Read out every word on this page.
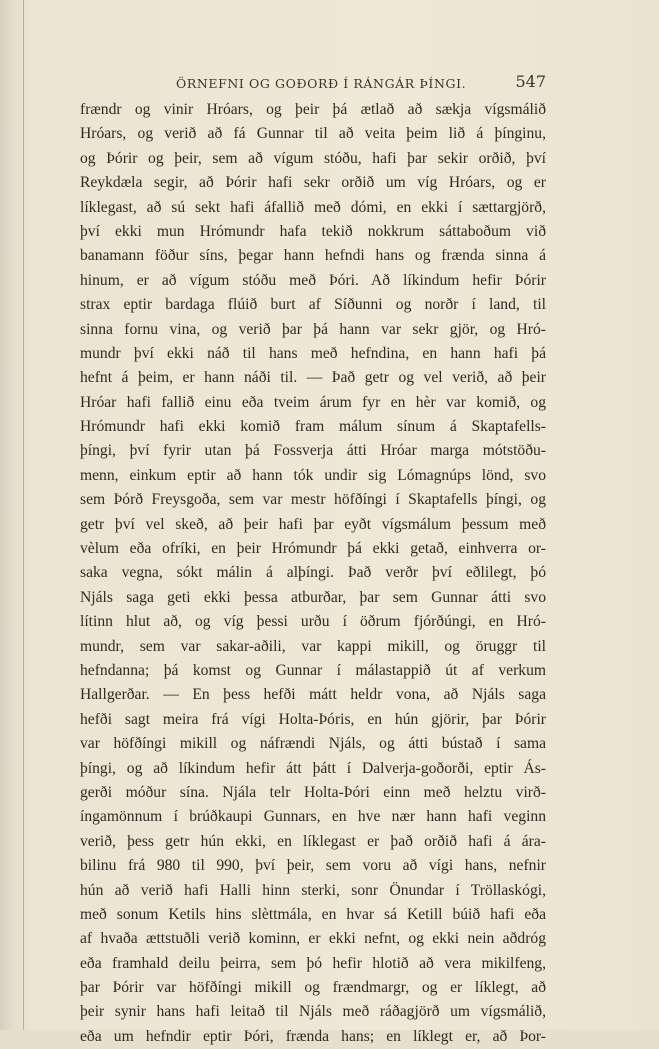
ÖRNEFNI OG GOÐORÐ Í RÁNGÁR ÞÍNGI.	547
frændr og vinir Hróars, og þeir þá ætlað að sækja vígsmálið
Hróars, og verið að fá Gunnar til að veita þeim lið á þínginu,
og Þórir og þeir, sem að vígum stóðu, hafi þar sekir orðið, því
Reykdæla segir, að Þórir hafi sekr orðið um víg Hróars, og er
líklegast, að sú sekt hafi áfallið með dómi, en ekki í sættargjörð,
því ekki mun Hrómundr hafa tekið nokkrum sáttaboðum við
banamann föður síns, þegar hann hefndi hans og frænda sinna á
hinum, er að vígum stóðu með Þóri. Að líkindum hefir Þórir
strax eptir bardaga flúið burt af Síðunni og norðr í land, til
sinna fornu vina, og verið þar þá hann var sekr gjör, og Hró-
mundr því ekki náð til hans með hefndina, en hann hafi þá
hefnt á þeim, er hann náði til. — Það getr og vel verið, að þeir
Hróar hafi fallið einu eða tveim árum fyr en hèr var komið, og
Hrómundr hafi ekki komið fram málum sínum á Skaptafells-
þíngi, því fyrir utan þá Fossverja átti Hróar marga mótstöðu-
menn, einkum eptir að hann tók undir sig Lómagnúps lönd, svo
sem Þórð Freysgoða, sem var mestr höfðíngi í Skaptafells þíngi, og
getr því vel skeð, að þeir hafi þar eyðt vígsmálum þessum með
vèlum eða ofríki, en þeir Hrómundr þá ekki getað, einhverra or-
saka vegna, sókt málin á alþíngi. Það verðr því eðlilegt, þó
Njáls saga geti ekki þessa atburðar, þar sem Gunnar átti svo
lítinn hlut að, og víg þessi urðu í öðrum fjórðúngi, en Hró-
mundr, sem var sakar-aðili, var kappi mikill, og öruggr til
hefndanna; þá komst og Gunnar í málastappið út af verkum
Hallgerðar. — En þess hefði mátt heldr vona, að Njáls saga
hefði sagt meira frá vígi Holta-Þóris, en hún gjörir, þar Þórir
var höfðíngi mikill og náfrændi Njáls, og átti bústað í sama
þíngi, og að líkindum hefir átt þátt í Dalverja-goðorði, eptir Ás-
gerði móður sína. Njála telr Holta-Þóri einn með helztu virð-
íngamönnum í brúðkaupi Gunnars, en hve nær hann hafi veginn
verið, þess getr hún ekki, en líklegast er það orðið hafi á ára-
bilinu frá 980 til 990, því þeir, sem voru að vígi hans, nefnir
hún að verið hafi Halli hinn sterki, sonr Önundar í Tröllaskógi,
með sonum Ketils hins slèttmála, en hvar sá Ketill búið hafi eða
af hvaða ættstuðli verið kominn, er ekki nefnt, og ekki nein aðdróg
eða framhald deilu þeirra, sem þó hefir hlotið að vera mikilfeng,
þar Þórir var höfðíngi mikill og frændmargr, og er líklegt, að
þeir synir hans hafi leitað til Njáls með ráðagjörð um vígsmálið,
eða um hefndir eptir Þóri, frænda hans; en líklegt er, að Þor-
